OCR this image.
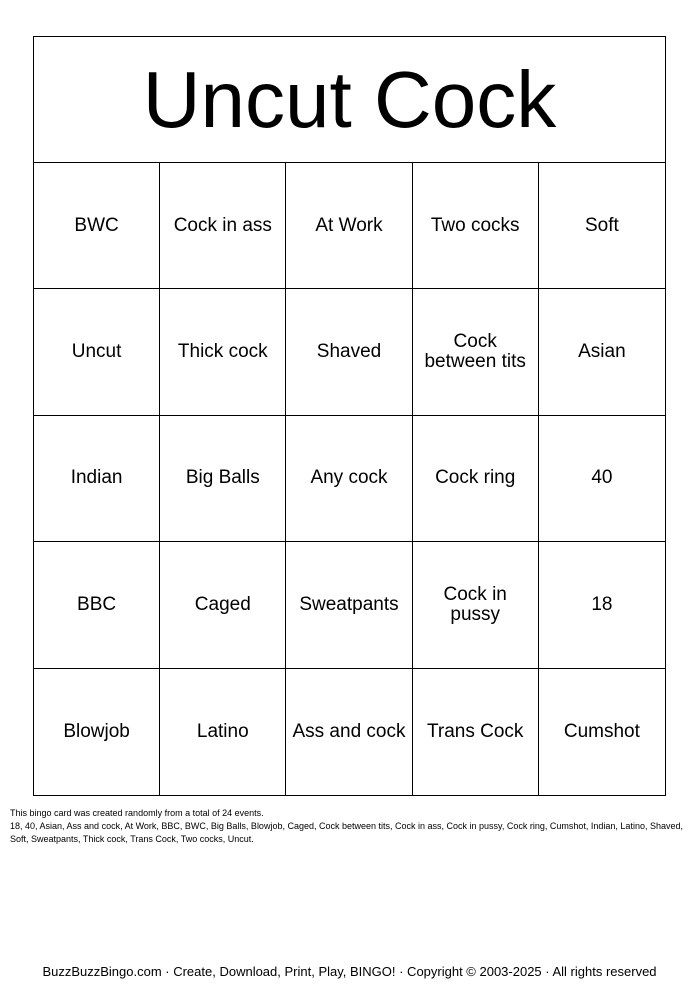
Uncut Cock
BWC	Cock in ass	At Work	Two cocks	Soft
Uncut	Thick cock	Shaved	Cock between tits	Asian
Indian	Big Balls	Any cock	Cock ring	40
BBC	Caged	Sweatpants	Cock in pussy	18
Blowjob	Latino	Ass and cock	Trans Cock	Cumshot
This bingo card was created randomly from a total of 24 events.
18, 40, Asian, Ass and cock, At Work, BBC, BWC, Big Balls, Blowjob, Caged, Cock between tits, Cock in ass, Cock in pussy, Cock ring, Cumshot, Indian, Latino, Shaved, Soft, Sweatpants, Thick cock, Trans Cock, Two cocks, Uncut.
BuzzBuzzBingo.com · Create, Download, Print, Play, BINGO! · Copyright © 2003-2025 · All rights reserved
